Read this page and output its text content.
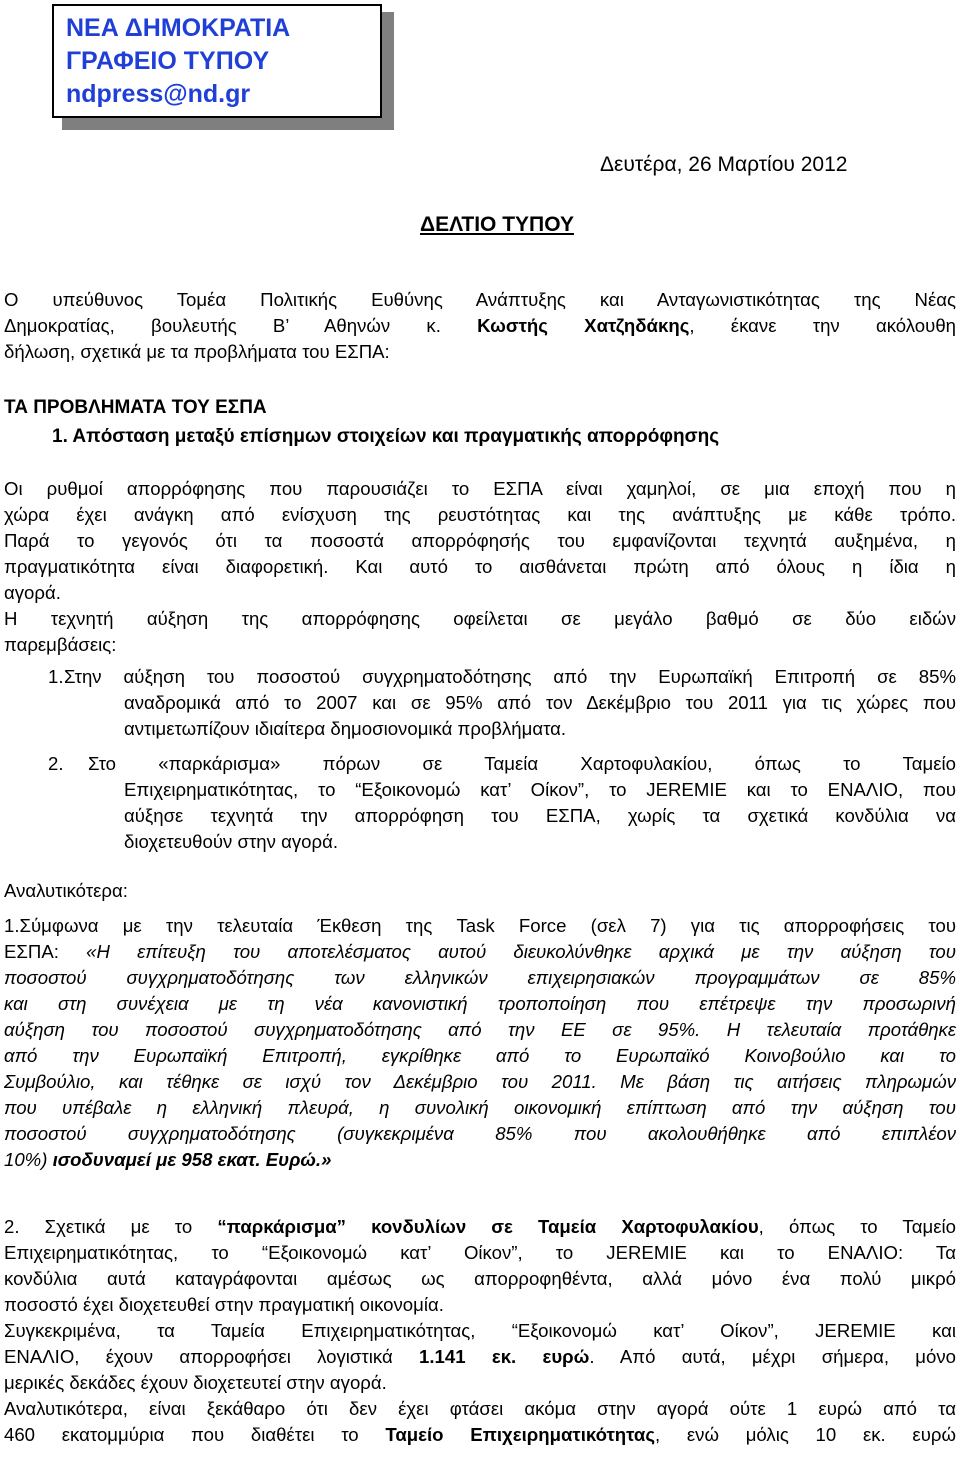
ΝΕΑ ΔΗΜΟΚΡΑΤΙΑ
ΓΡΑΦΕΙΟ ΤΥΠΟΥ
ndpress@nd.gr
Δευτέρα, 26 Μαρτίου 2012
ΔΕΛΤΙΟ ΤΥΠΟΥ

Ο υπεύθυνος Τομέα Πολιτικής Ευθύνης Ανάπτυξης και Ανταγωνιστικότητας της Νέας

Δημοκρατίας, βουλευτής Β’ Αθηνών κ. Κωστής Χατζηδάκης, έκανε την ακόλουθη

δήλωση, σχετικά με τα προβλήματα του ΕΣΠΑ:

ΤΑ ΠΡΟΒΛΗΜΑΤΑ ΤΟΥ ΕΣΠΑ
1. Απόσταση μεταξύ επίσημων στοιχείων και πραγματικής απορρόφησης

Οι ρυθμοί απορρόφησης που παρουσιάζει το ΕΣΠΑ είναι χαμηλοί, σε μια εποχή που η

χώρα έχει ανάγκη από ενίσχυση της ρευστότητας και της ανάπτυξης με κάθε τρόπο.

Παρά το γεγονός ότι τα ποσοστά απορρόφησής του εμφανίζονται τεχνητά αυξημένα, η

πραγματικότητα είναι διαφορετική. Και αυτό το αισθάνεται πρώτη από όλους η ίδια η

αγορά.

Η τεχνητή αύξηση της απορρόφησης οφείλεται σε μεγάλο βαθμό σε δύο ειδών

παρεμβάσεις:

1. Στην αύξηση του ποσοστού συγχρηματοδότησης από την Ευρωπαϊκή Επιτροπή σε 85%

αναδρομικά από το 2007 και σε 95% από τον Δεκέμβριο του 2011 για τις χώρες που

αντιμετωπίζουν ιδιαίτερα δημοσιονομικά προβλήματα.

2. Στο «παρκάρισμα» πόρων σε Ταμεία Χαρτοφυλακίου, όπως το Ταμείο

Επιχειρηματικότητας, το “Εξοικονομώ κατ’ Οίκον”, το JEREMIE και το ΕΝΑΛΙΟ, που

αύξησε τεχνητά την απορρόφηση του ΕΣΠΑ, χωρίς τα σχετικά κονδύλια να

διοχετευθούν στην αγορά.

Αναλυτικότερα:

1.Σύμφωνα με την τελευταία Έκθεση της Task Force (σελ 7) για τις απορροφήσεις του

ΕΣΠΑ: «Η επίτευξη του αποτελέσματος αυτού διευκολύνθηκε αρχικά με την αύξηση του

ποσοστού συγχρηματοδότησης των ελληνικών επιχειρησιακών προγραμμάτων σε 85%

και στη συνέχεια με τη νέα κανονιστική τροποποίηση που επέτρεψε την προσωρινή

αύξηση του ποσοστού συγχρηματοδότησης από την ΕΕ σε 95%. Η τελευταία προτάθηκε

από την Ευρωπαϊκή Επιτροπή, εγκρίθηκε από το Ευρωπαϊκό Κοινοβούλιο και το

Συμβούλιο, και τέθηκε σε ισχύ τον Δεκέμβριο του 2011. Με βάση τις αιτήσεις πληρωμών

που υπέβαλε η ελληνική πλευρά, η συνολική οικονομική επίπτωση από την αύξηση του

ποσοστού συγχρηματοδότησης (συγκεκριμένα 85% που ακολουθήθηκε από επιπλέον

10%) ισοδυναμεί με 958 εκατ. Ευρώ.»

2. Σχετικά με το “παρκάρισμα” κονδυλίων σε Ταμεία Χαρτοφυλακίου, όπως το Ταμείο

Επιχειρηματικότητας, το “Εξοικονομώ κατ’ Οίκον”, το JEREMIE και το ΕΝΑΛΙΟ: Τα

κονδύλια αυτά καταγράφονται αμέσως ως απορροφηθέντα, αλλά μόνο ένα πολύ μικρό

ποσοστό έχει διοχετευθεί στην πραγματική οικονομία.

Συγκεκριμένα, τα Ταμεία Επιχειρηματικότητας, “Εξοικονομώ κατ’ Οίκον”, JEREMIE και

ΕΝΑΛΙΟ, έχουν απορροφήσει λογιστικά 1.141 εκ. ευρώ. Από αυτά, μέχρι σήμερα, μόνο

μερικές δεκάδες έχουν διοχετευτεί στην αγορά.

Αναλυτικότερα, είναι ξεκάθαρο ότι δεν έχει φτάσει ακόμα στην αγορά ούτε 1 ευρώ από τα

460 εκατομμύρια που διαθέτει το Ταμείο Επιχειρηματικότητας, ενώ μόλις 10 εκ. ευρώ
